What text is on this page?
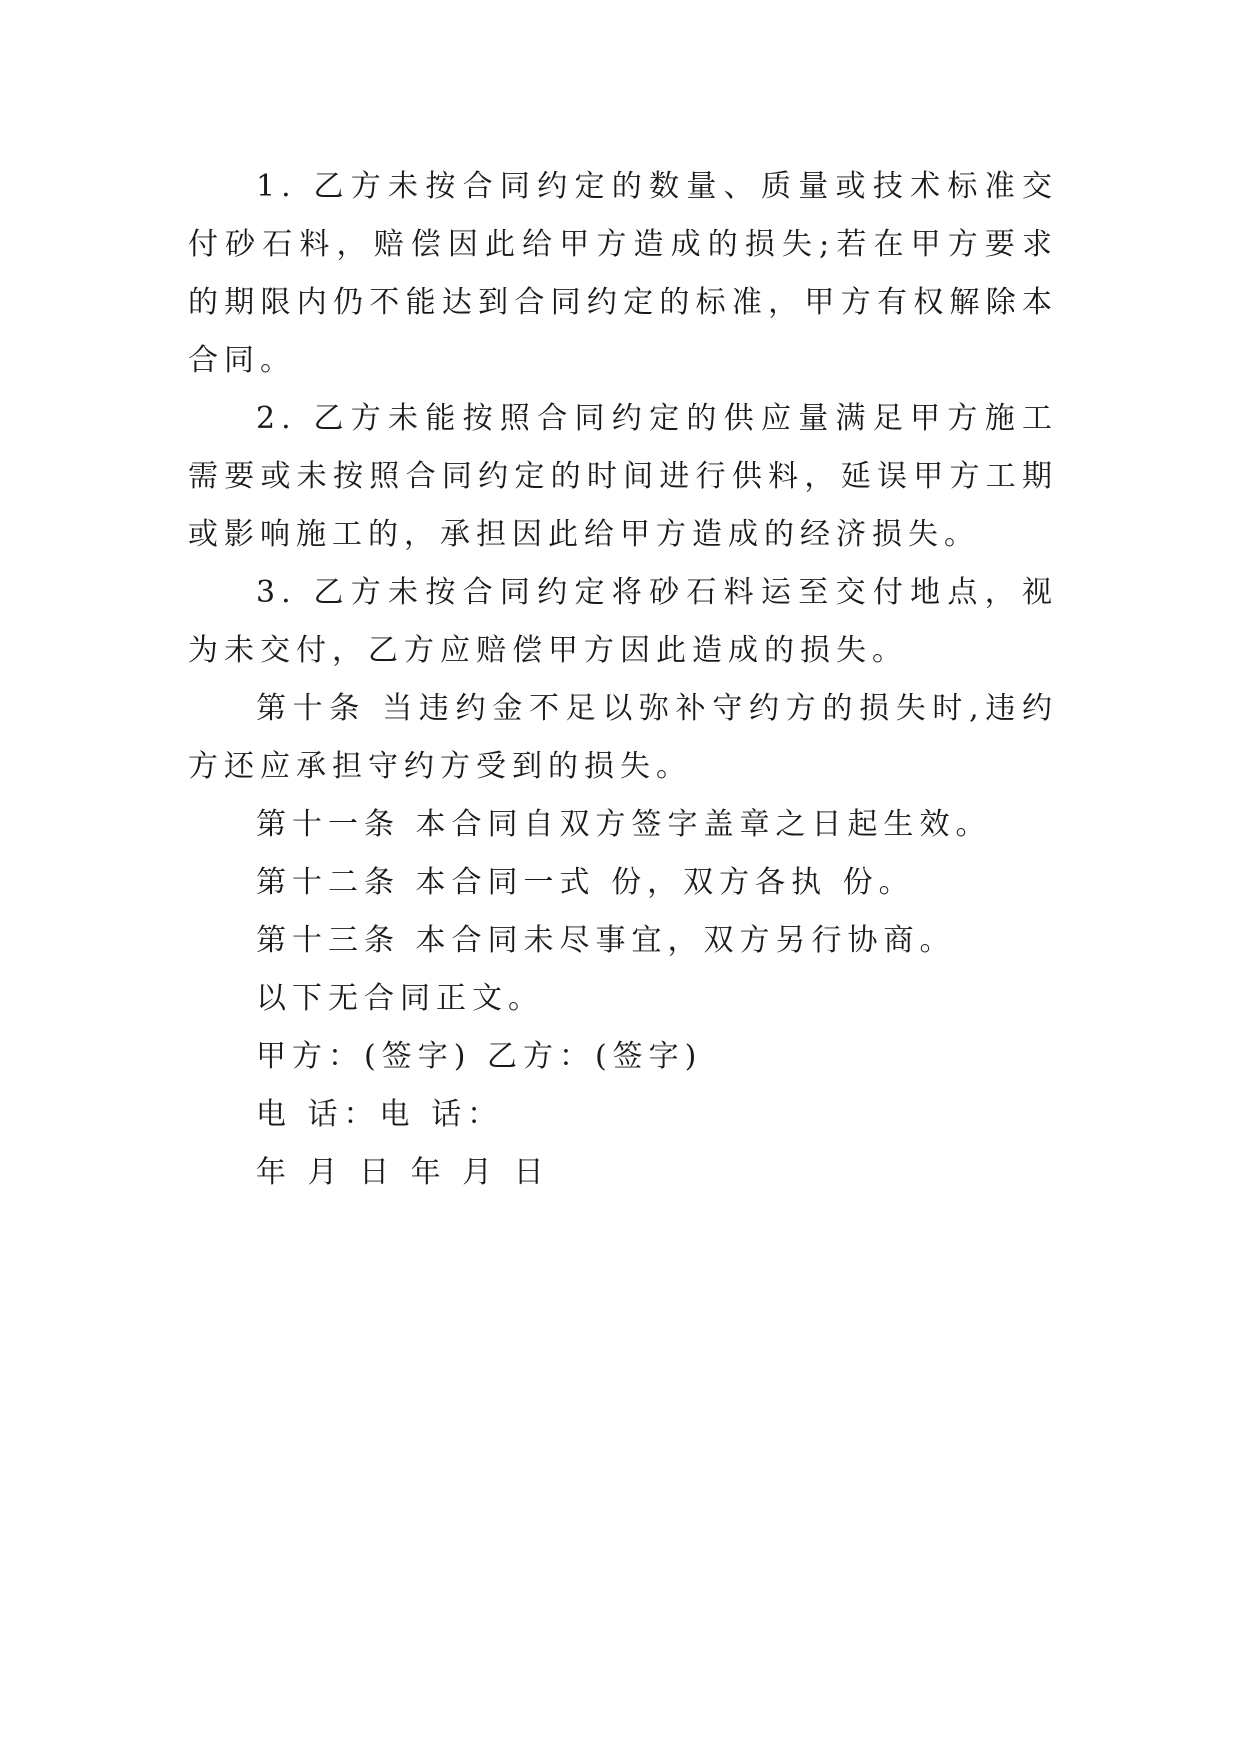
1. 乙方未按合同约定的数量、质量或技术标准交付砂石料，赔偿因此给甲方造成的损失;若在甲方要求的期限内仍不能达到合同约定的标准，甲方有权解除本合同。

2. 乙方未能按照合同约定的供应量满足甲方施工需要或未按照合同约定的时间进行供料，延误甲方工期或影响施工的，承担因此给甲方造成的经济损失。

3. 乙方未按合同约定将砂石料运至交付地点，视为未交付，乙方应赔偿甲方因此造成的损失。

第十条 当违约金不足以弥补守约方的损失时,违约方还应承担守约方受到的损失。

第十一条 本合同自双方签字盖章之日起生效。

第十二条 本合同一式 份，双方各执 份。

第十三条 本合同未尽事宜，双方另行协商。

以下无合同正文。

甲方：(签字) 乙方：(签字)

电 话：电 话：

年 月 日 年 月 日
